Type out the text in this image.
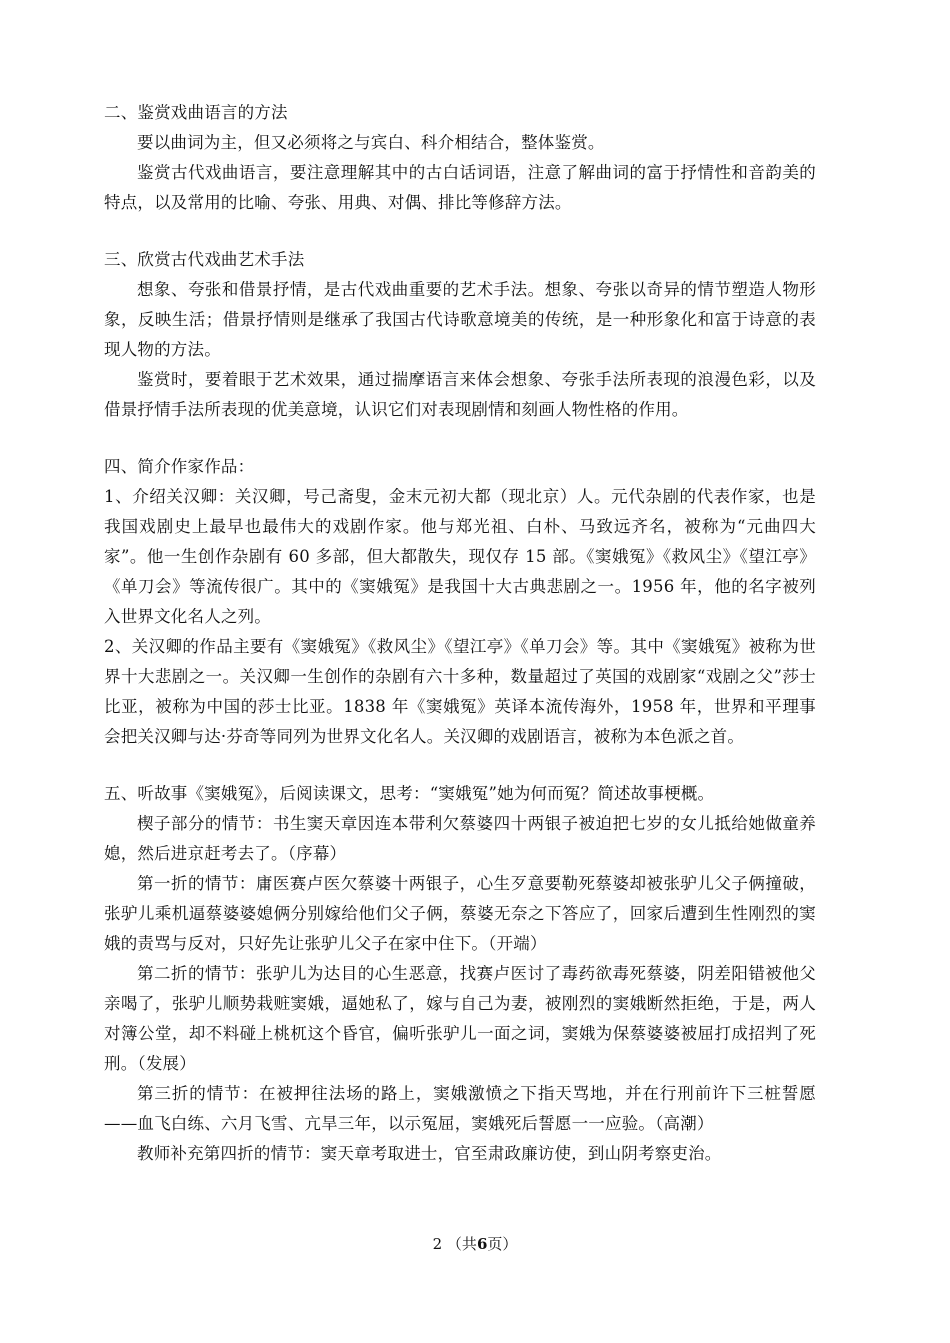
二、鉴赏戏曲语言的方法

要以曲词为主，但又必须将之与宾白、科介相结合，整体鉴赏。

鉴赏古代戏曲语言，要注意理解其中的古白话词语，注意了解曲词的富于抒情性和音韵美的特点，以及常用的比喻、夸张、用典、对偶、排比等修辞方法。

三、欣赏古代戏曲艺术手法

想象、夸张和借景抒情，是古代戏曲重要的艺术手法。想象、夸张以奇异的情节塑造人物形象，反映生活；借景抒情则是继承了我国古代诗歌意境美的传统，是一种形象化和富于诗意的表现人物的方法。

鉴赏时，要着眼于艺术效果，通过揣摩语言来体会想象、夸张手法所表现的浪漫色彩，以及借景抒情手法所表现的优美意境，认识它们对表现剧情和刻画人物性格的作用。

四、简介作家作品：

1、介绍关汉卿：关汉卿，号己斋叟，金末元初大都（现北京）人。元代杂剧的代表作家，也是我国戏剧史上最早也最伟大的戏剧作家。他与郑光祖、白朴、马致远齐名，被称为“元曲四大家”。他一生创作杂剧有 60 多部，但大都散失，现仅存 15 部。《窦娥冤》《救风尘》《望江亭》《单刀会》等流传很广。其中的《窦娥冤》是我国十大古典悲剧之一。1956 年，他的名字被列入世界文化名人之列。

2、关汉卿的作品主要有《窦娥冤》《救风尘》《望江亭》《单刀会》等。其中《窦娥冤》被称为世界十大悲剧之一。关汉卿一生创作的杂剧有六十多种，数量超过了英国的戏剧家“戏剧之父”莎士比亚，被称为中国的莎士比亚。1838 年《窦娥冤》英译本流传海外，1958 年，世界和平理事会把关汉卿与达·芬奇等同列为世界文化名人。关汉卿的戏剧语言，被称为本色派之首。

五、听故事《窦娥冤》，后阅读课文，思考：“窦娥冤”她为何而冤？简述故事梗概。

楔子部分的情节：书生窦天章因连本带利欠蔡婆四十两银子被迫把七岁的女儿抵给她做童养媳，然后进京赶考去了。（序幕）

第一折的情节：庸医赛卢医欠蔡婆十两银子，心生歹意要勒死蔡婆却被张驴儿父子俩撞破，张驴儿乘机逼蔡婆婆媳俩分别嫁给他们父子俩，蔡婆无奈之下答应了，回家后遭到生性刚烈的窦娥的责骂与反对，只好先让张驴儿父子在家中住下。（开端）

第二折的情节：张驴儿为达目的心生恶意，找赛卢医讨了毒药欲毒死蔡婆，阴差阳错被他父亲喝了，张驴儿顺势栽赃窦娥，逼她私了，嫁与自己为妻，被刚烈的窦娥断然拒绝，于是，两人对簿公堂，却不料碰上桃杌这个昏官，偏听张驴儿一面之词，窦娥为保蔡婆婆被屈打成招判了死刑。（发展）

第三折的情节：在被押往法场的路上，窦娥激愤之下指天骂地，并在行刑前许下三桩誓愿——血飞白练、六月飞雪、亢旱三年，以示冤屈，窦娥死后誓愿一一应验。（高潮）

教师补充第四折的情节：窦天章考取进士，官至肃政廉访使，到山阴考察吏治。

2 （共6页）
